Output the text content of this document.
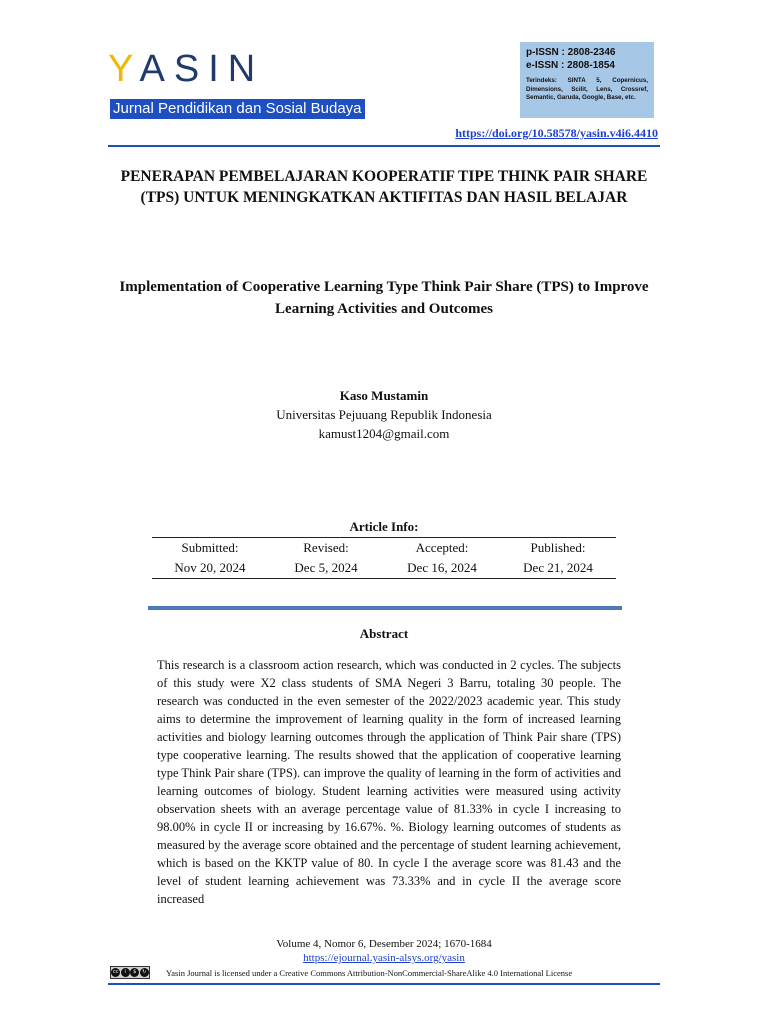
YASIN
Jurnal Pendidikan dan Sosial Budaya
p-ISSN : 2808-2346
e-ISSN : 2808-1854
Terindeks: SINTA 5, Copernicus, Dimensions, Scilit, Lens, Crossref, Semantic, Garuda, Google, Base, etc.
https://doi.org/10.58578/yasin.v4i6.4410
PENERAPAN PEMBELAJARAN KOOPERATIF TIPE THINK PAIR SHARE (TPS) UNTUK MENINGKATKAN AKTIFITAS DAN HASIL BELAJAR
Implementation of Cooperative Learning Type Think Pair Share (TPS) to Improve Learning Activities and Outcomes
Kaso Mustamin
Universitas Pejuuang Republik Indonesia
kamust1204@gmail.com
Article Info:
Submitted:	Revised:	Accepted:	Published:
Nov 20, 2024	Dec 5, 2024	Dec 16, 2024	Dec 21, 2024
Abstract
This research is a classroom action research, which was conducted in 2 cycles. The subjects of this study were X2 class students of SMA Negeri 3 Barru, totaling 30 people. The research was conducted in the even semester of the 2022/2023 academic year. This study aims to determine the improvement of learning quality in the form of increased learning activities and biology learning outcomes through the application of Think Pair share (TPS) type cooperative learning. The results showed that the application of cooperative learning type Think Pair share (TPS). can improve the quality of learning in the form of activities and learning outcomes of biology. Student learning activities were measured using activity observation sheets with an average percentage value of 81.33% in cycle I increasing to 98.00% in cycle II or increasing by 16.67%. %. Biology learning outcomes of students as measured by the average score obtained and the percentage of student learning achievement, which is based on the KKTP value of 80. In cycle I the average score was 81.43 and the level of student learning achievement was 73.33% and in cycle II the average score increased
Volume 4, Nomor 6, Desember 2024; 1670-1684
https://ejournal.yasin-alsys.org/yasin
cc	i	$	↻ Yasin Journal is licensed under a Creative Commons Attribution-NonCommercial-ShareAlike 4.0 International License
